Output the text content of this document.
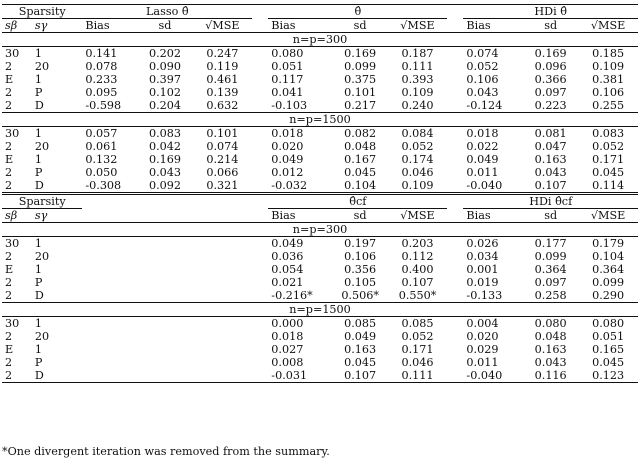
Sparsity		Lasso θ̂				θ̂				HDi θ̂		
sβ	sγ	Bias	sd	√MSE		Bias	sd	√MSE		Bias	sd	√MSE
n=p=300												
30	1	0.141	0.202	0.247		0.080	0.169	0.187		0.074	0.169	0.185
2	20	0.078	0.090	0.119		0.051	0.099	0.111		0.052	0.096	0.109
E	1	0.233	0.397	0.461		0.117	0.375	0.393		0.106	0.366	0.381
2	P	0.095	0.102	0.139		0.041	0.101	0.109		0.043	0.097	0.106
2	D	-0.598	0.204	0.632		-0.103	0.217	0.240		-0.124	0.223	0.255
n=p=1500												
30	1	0.057	0.083	0.101		0.018	0.082	0.084		0.018	0.081	0.083
2	20	0.061	0.042	0.074		0.020	0.048	0.052		0.022	0.047	0.052
E	1	0.132	0.169	0.214		0.049	0.167	0.174		0.049	0.163	0.171
2	P	0.050	0.043	0.066		0.012	0.045	0.046		0.011	0.043	0.045
2	D	-0.308	0.092	0.321		-0.032	0.104	0.109		-0.040	0.107	0.114
Sparsity						θ̂cf				HDi θ̂cf		
sβ	sγ					Bias	sd	√MSE		Bias	sd	√MSE
n=p=300												
30	1					0.049	0.197	0.203		0.026	0.177	0.179
2	20					0.036	0.106	0.112		0.034	0.099	0.104
E	1					0.054	0.356	0.400		0.001	0.364	0.364
2	P					0.021	0.105	0.107		0.019	0.097	0.099
2	D					-0.216*	0.506*	0.550*		-0.133	0.258	0.290
n=p=1500												
30	1					0.000	0.085	0.085		0.004	0.080	0.080
2	20					0.018	0.049	0.052		0.020	0.048	0.051
E	1					0.027	0.163	0.171		0.029	0.163	0.165
2	P					0.008	0.045	0.046		0.011	0.043	0.045
2	D					-0.031	0.107	0.111		-0.040	0.116	0.123
*One divergent iteration was removed from the summary.
